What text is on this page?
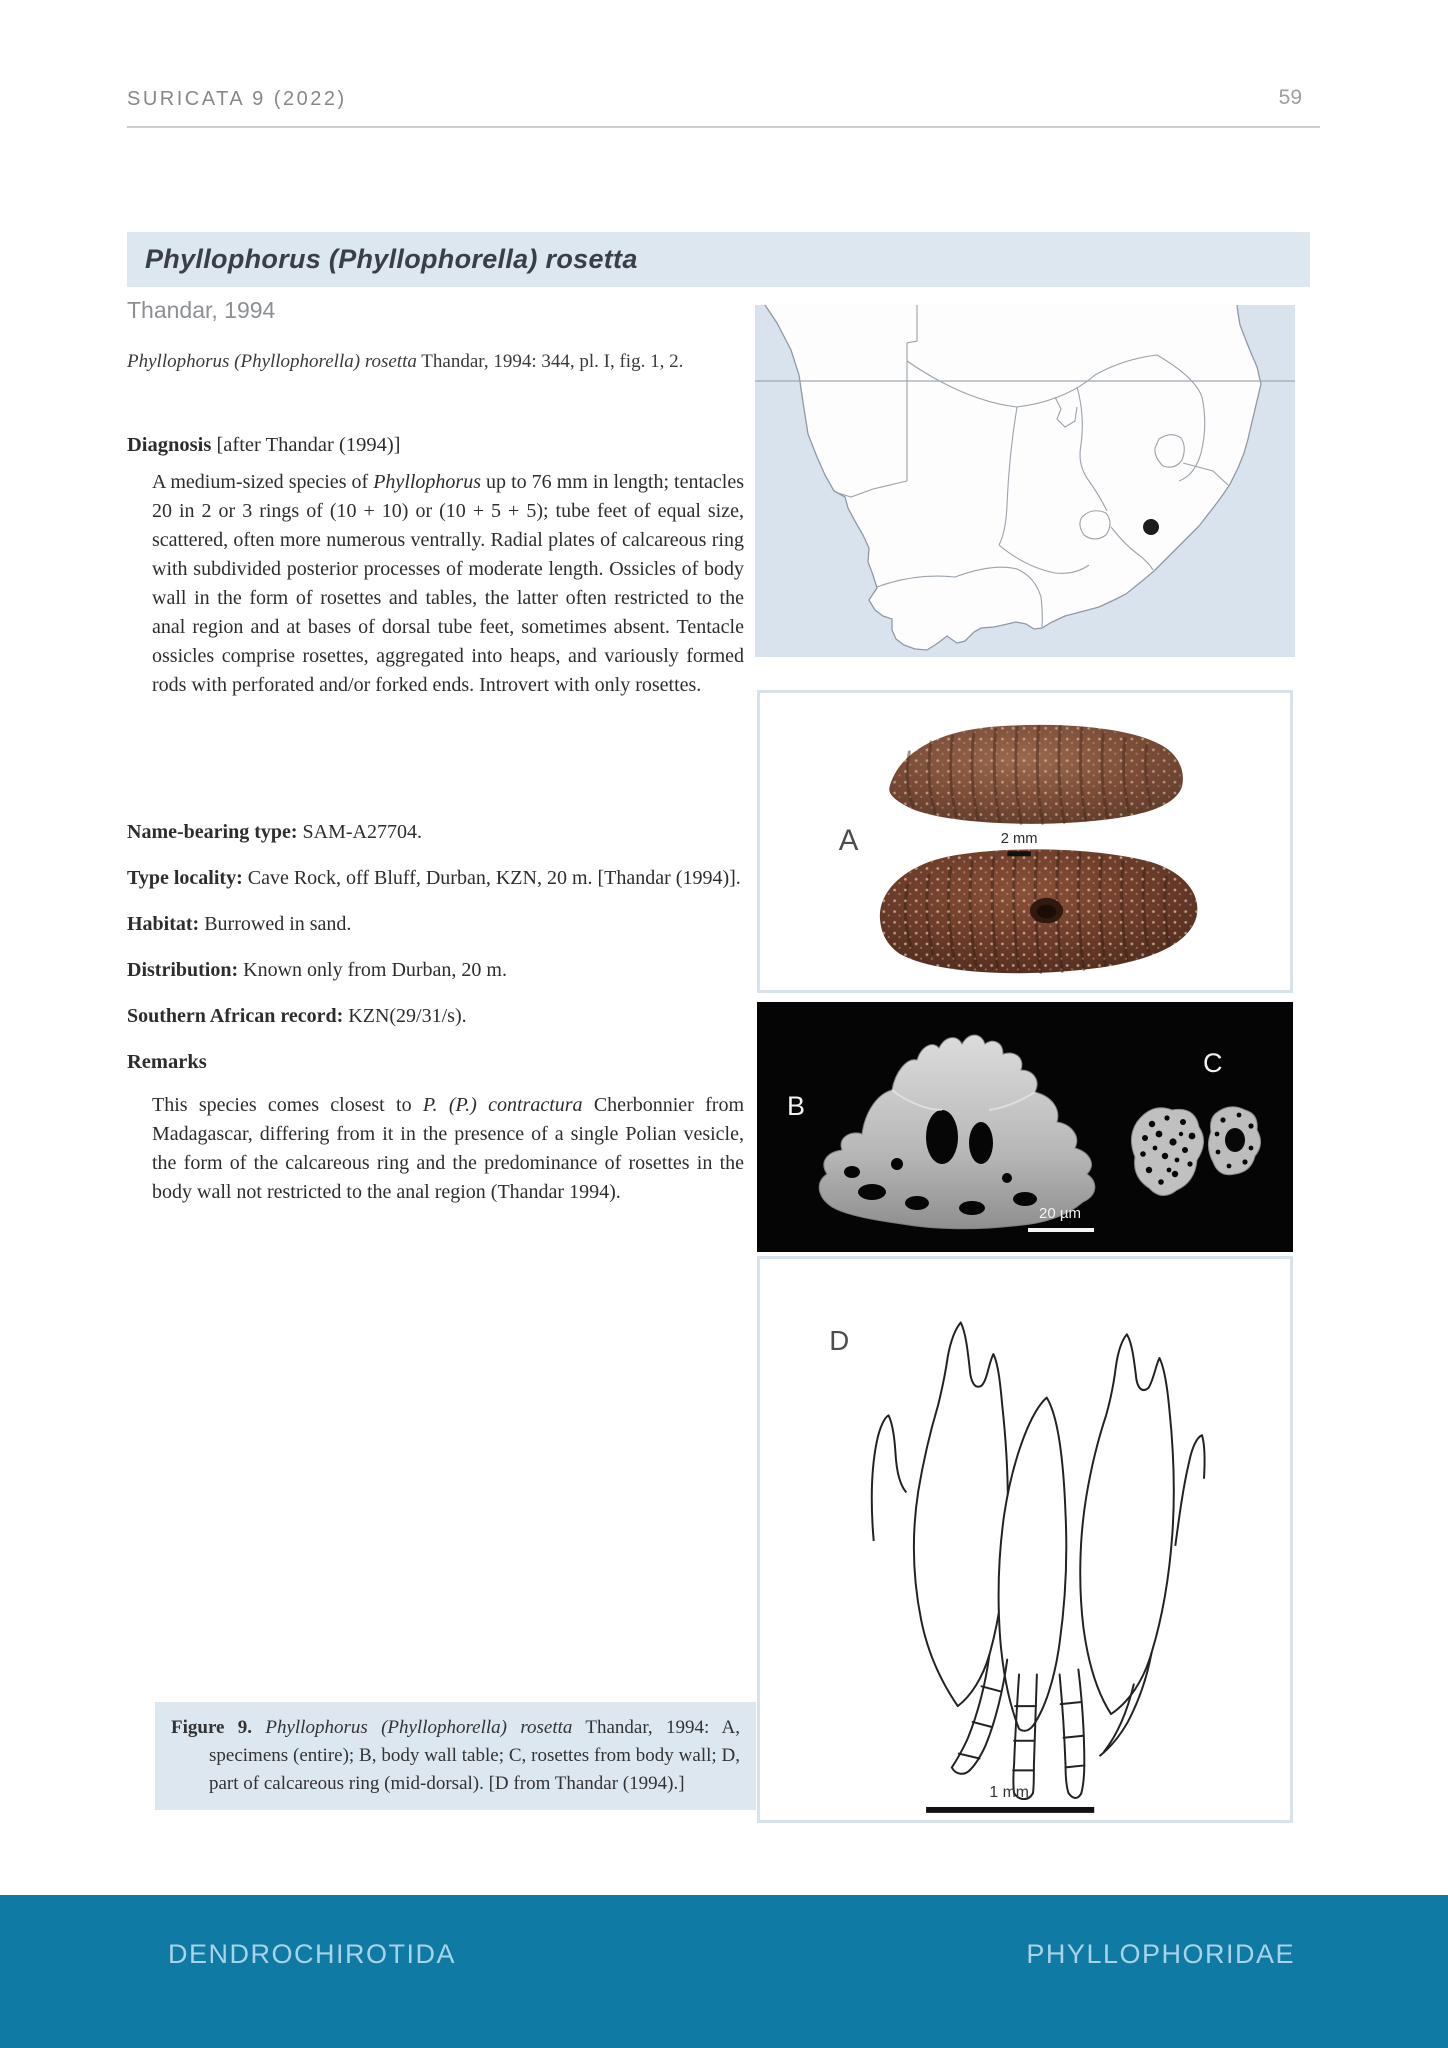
SURICATA 9 (2022)	59
Phyllophorus (Phyllophorella) rosetta
Thandar, 1994

Phyllophorus (Phyllophorella) rosetta Thandar, 1994: 344, pl. I, fig. 1, 2.

Diagnosis [after Thandar (1994)]

A medium-sized species of Phyllophorus up to 76 mm in length; tentacles 20 in 2 or 3 rings of (10 + 10) or (10 + 5 + 5); tube feet of equal size, scattered, often more numerous ventrally. Radial plates of calcareous ring with subdivided posterior processes of moderate length. Ossicles of body wall in the form of rosettes and tables, the latter often restricted to the anal region and at bases of dorsal tube feet, sometimes absent. Tentacle ossicles comprise rosettes, aggregated into heaps, and variously formed rods with perforated and/or forked ends. Introvert with only rosettes.

Name-bearing type: SAM-A27704.

Type locality: Cave Rock, off Bluff, Durban, KZN, 20 m. [Thandar (1994)].

Habitat: Burrowed in sand.

Distribution: Known only from Durban, 20 m.

Southern African record: KZN(29/31/s).

Remarks

This species comes closest to P. (P.) contractura Cherbonnier from Madagascar, differing from it in the presence of a single Polian vesicle, the form of the calcareous ring and the predominance of rosettes in the body wall not restricted to the anal region (Thandar 1994).

A	2 mm
B
C
20 µm
D
1 mm

Figure 9. Phyllophorus (Phyllophorella) rosetta Thandar, 1994: A, specimens (entire); B, body wall table; C, rosettes from body wall; D, part of calcareous ring (mid-dorsal). [D from Thandar (1994).]

DENDROCHIROTIDA	PHYLLOPHORIDAE
